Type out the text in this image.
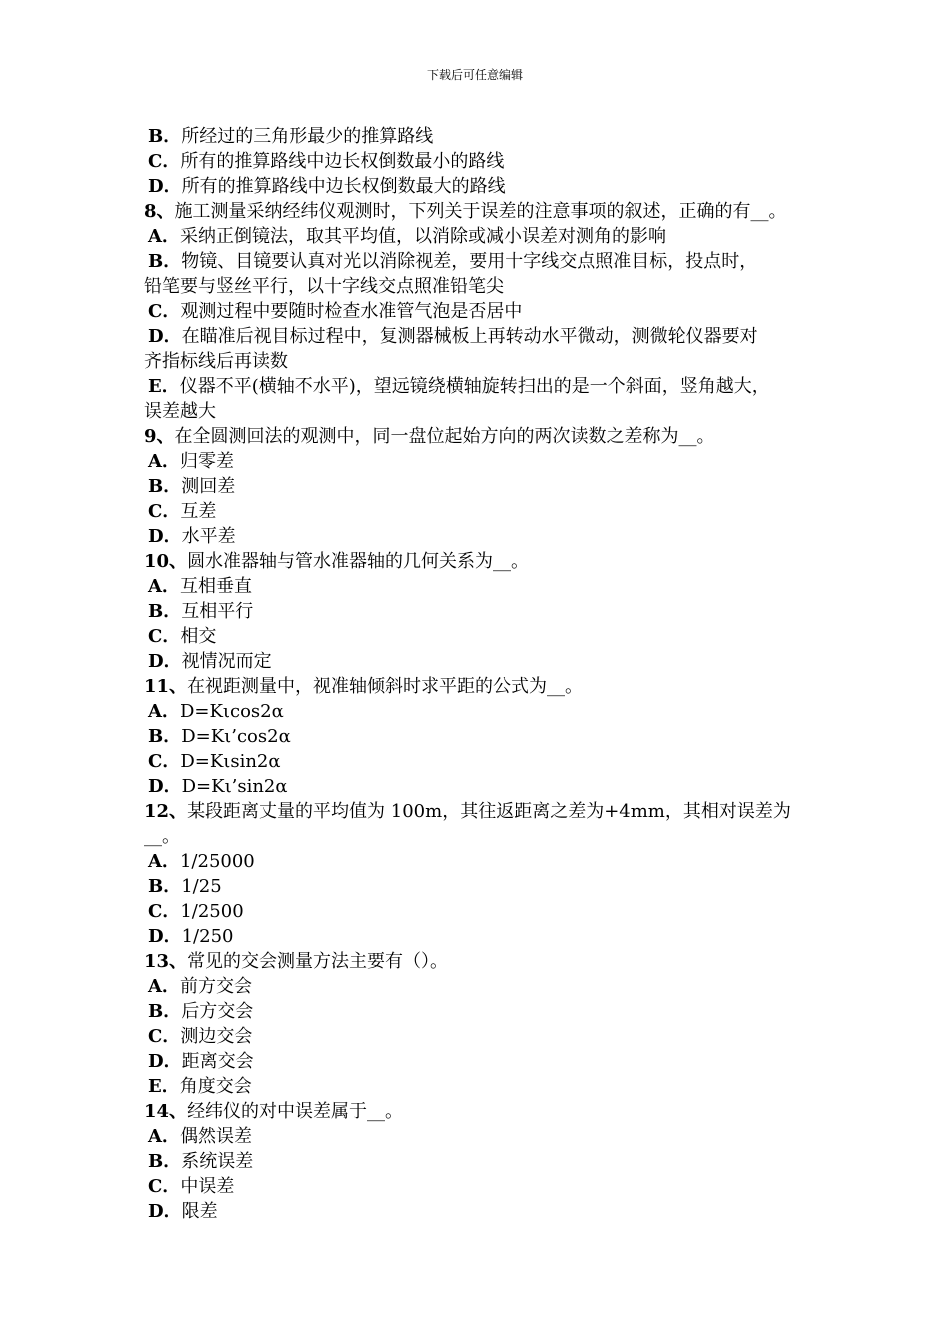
下载后可任意编辑
B．所经过的三角形最少的推算路线
C．所有的推算路线中边长权倒数最小的路线
D．所有的推算路线中边长权倒数最大的路线
8、施工测量采纳经纬仪观测时，下列关于误差的注意事项的叙述，正确的有__。
A．采纳正倒镜法，取其平均值，以消除或减小误差对测角的影响
B．物镜、目镜要认真对光以消除视差，要用十字线交点照准目标，投点时，
铅笔要与竖丝平行，以十字线交点照准铅笔尖
C．观测过程中要随时检查水准管气泡是否居中
D．在瞄准后视目标过程中，复测器械板上再转动水平微动，测微轮仪器要对
齐指标线后再读数
E．仪器不平(横轴不水平)，望远镜绕横轴旋转扫出的是一个斜面，竖角越大，
误差越大
9、在全圆测回法的观测中，同一盘位起始方向的两次读数之差称为__。
A．归零差
B．测回差
C．互差
D．水平差
10、圆水准器轴与管水准器轴的几何关系为__。
A．互相垂直
B．互相平行
C．相交
D．视情况而定
11、在视距测量中，视准轴倾斜时求平距的公式为__。
A．D=Kιcos2α
B．D=Kι’cos2α
C．D=Kιsin2α
D．D=Kι’sin2α
12、某段距离丈量的平均值为 100m，其往返距离之差为+4mm，其相对误差为
__。
A．1/25000
B．1/25
C．1/2500
D．1/250
13、常见的交会测量方法主要有（）。
A．前方交会
B．后方交会
C．测边交会
D．距离交会
E．角度交会
14、经纬仪的对中误差属于__。
A．偶然误差
B．系统误差
C．中误差
D．限差
